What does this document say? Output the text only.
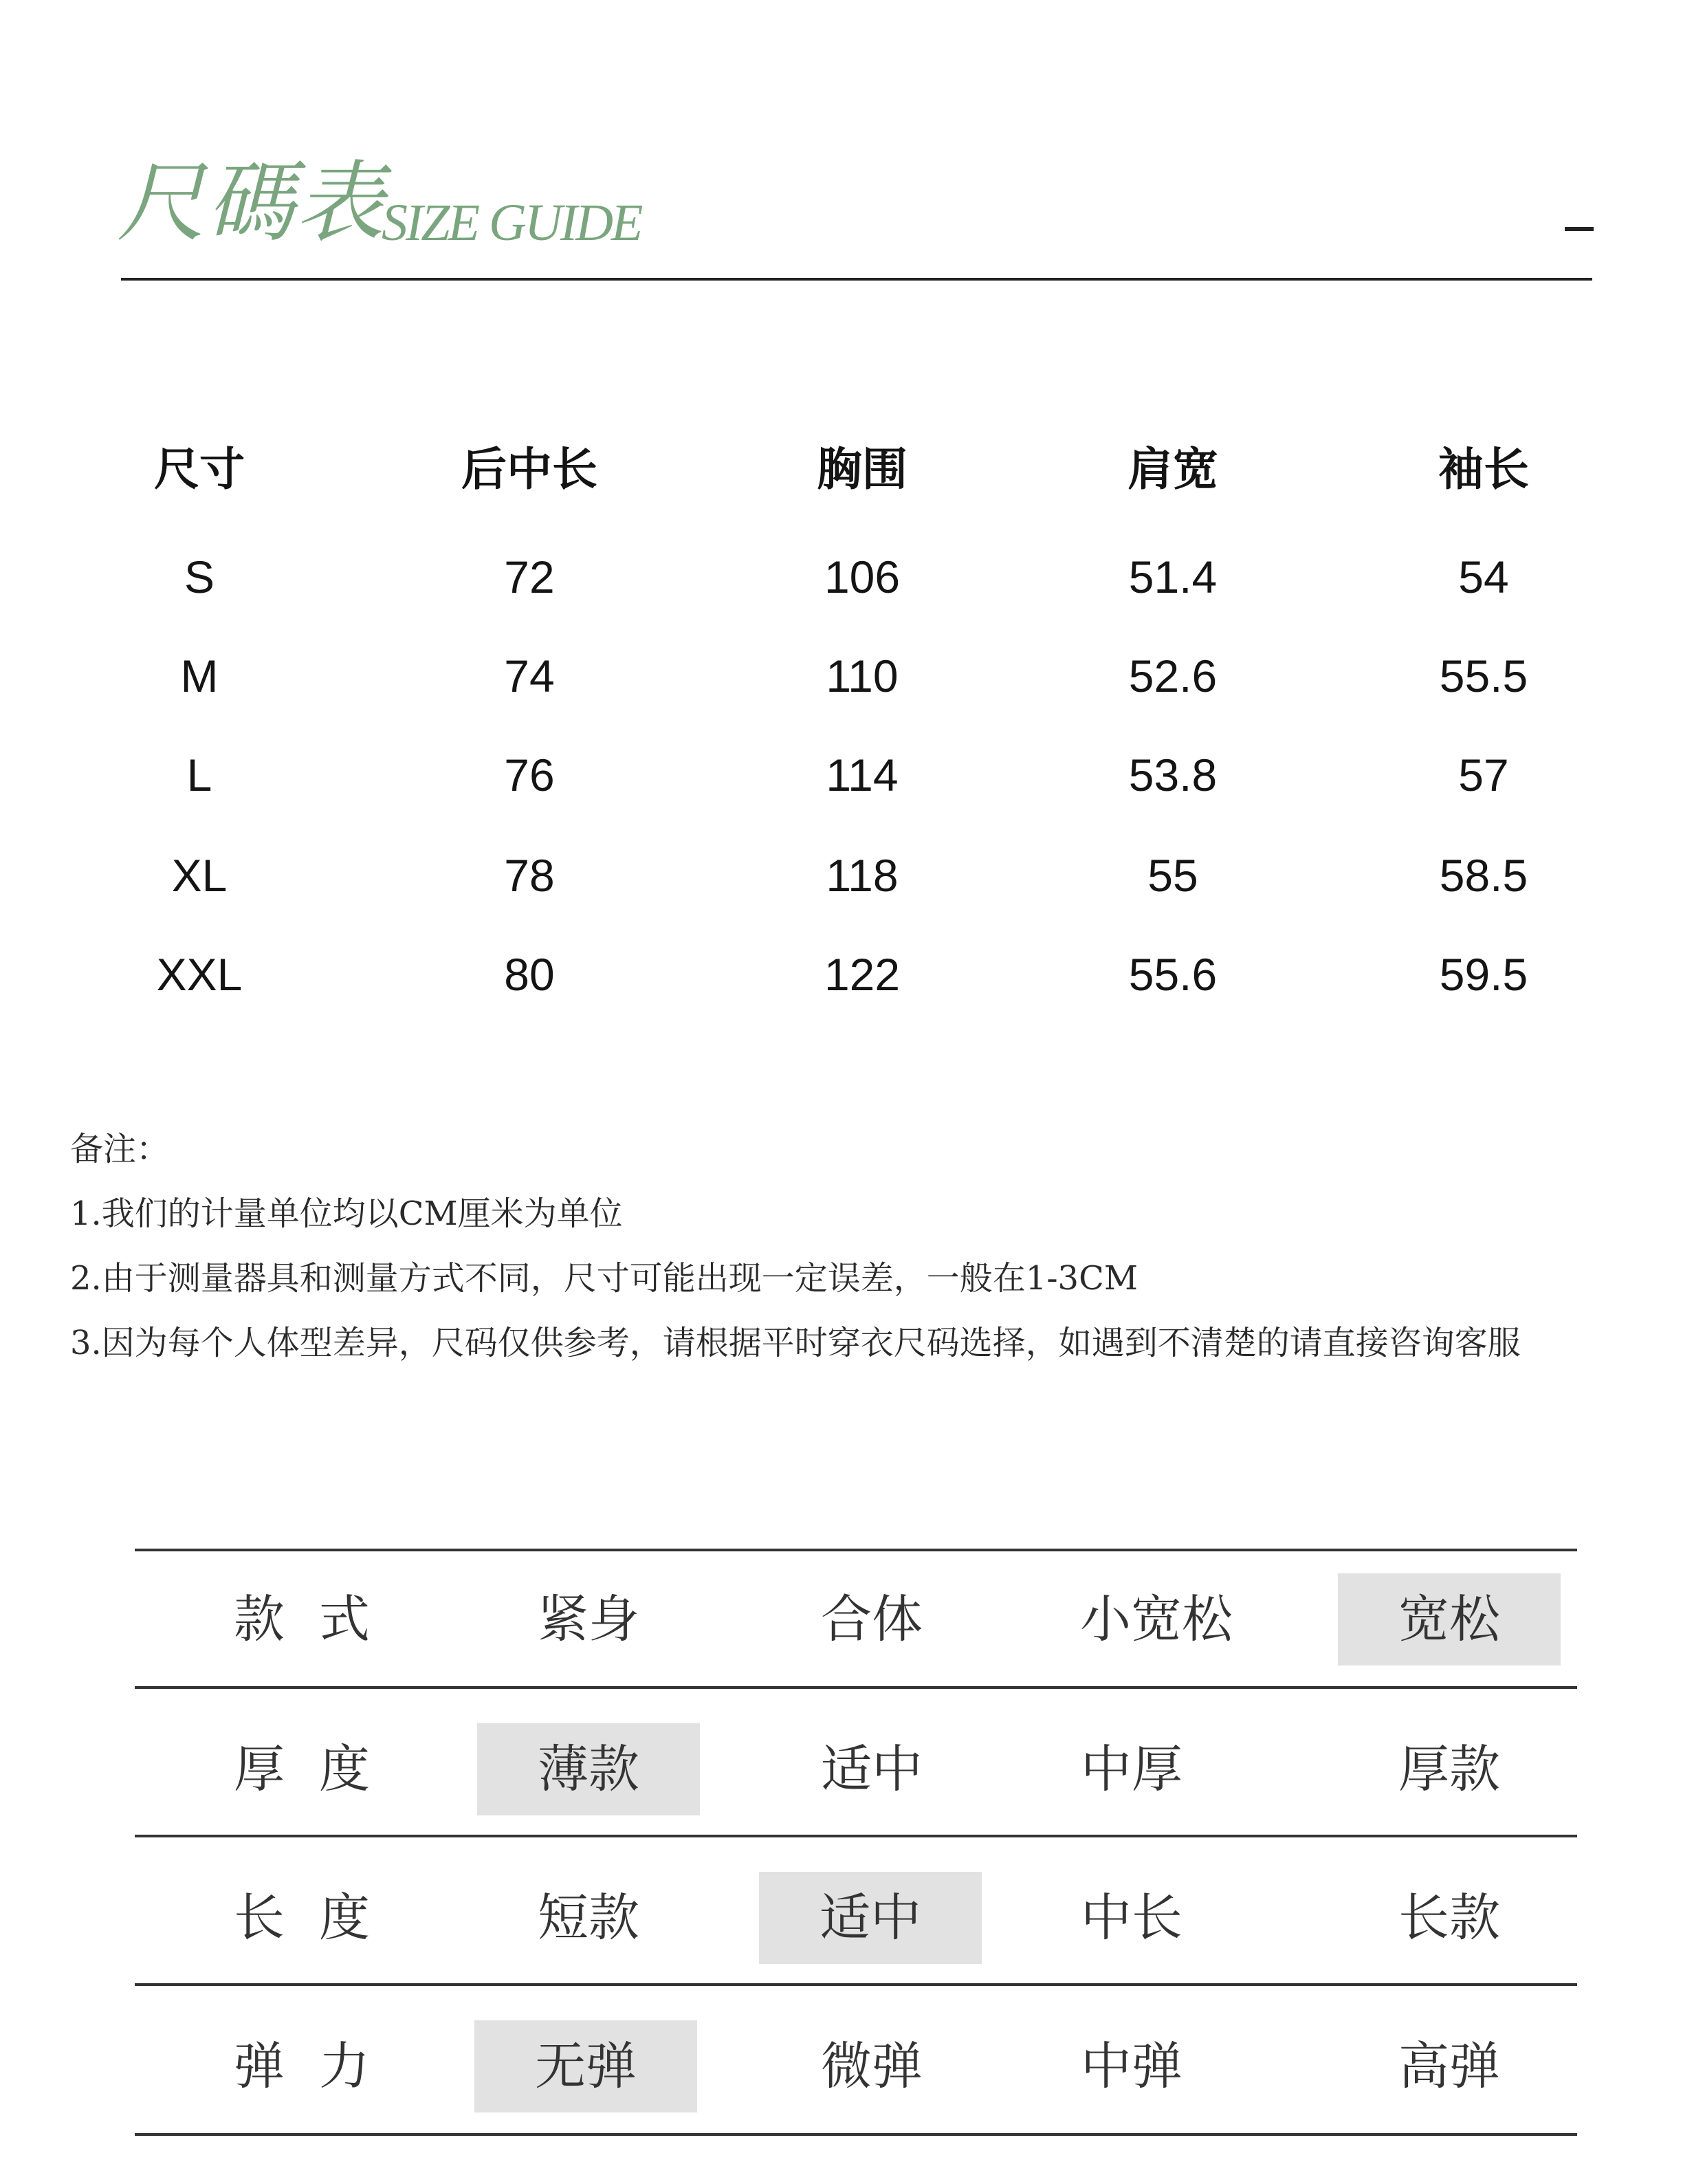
尺碼表
SIZE GUIDE
尺寸	后中长	胸围	肩宽	袖长
S	72	106	51.4	54
M	74	110	52.6	55.5
L	76	114	53.8	57
XL	78	118	55	58.5
XXL	80	122	55.6	59.5
备注：
1.我们的计量单位均以CM厘米为单位
2.由于测量器具和测量方式不同，尺寸可能出现一定误差，一般在1-3CM
3.因为每个人体型差异，尺码仅供参考，请根据平时穿衣尺码选择，如遇到不清楚的请直接咨询客服
款式	紧身	合体	小宽松	宽松
厚度	薄款	适中	中厚	厚款
长度	短款	适中	中长	长款
弹力	无弹	微弹	中弹	高弹
